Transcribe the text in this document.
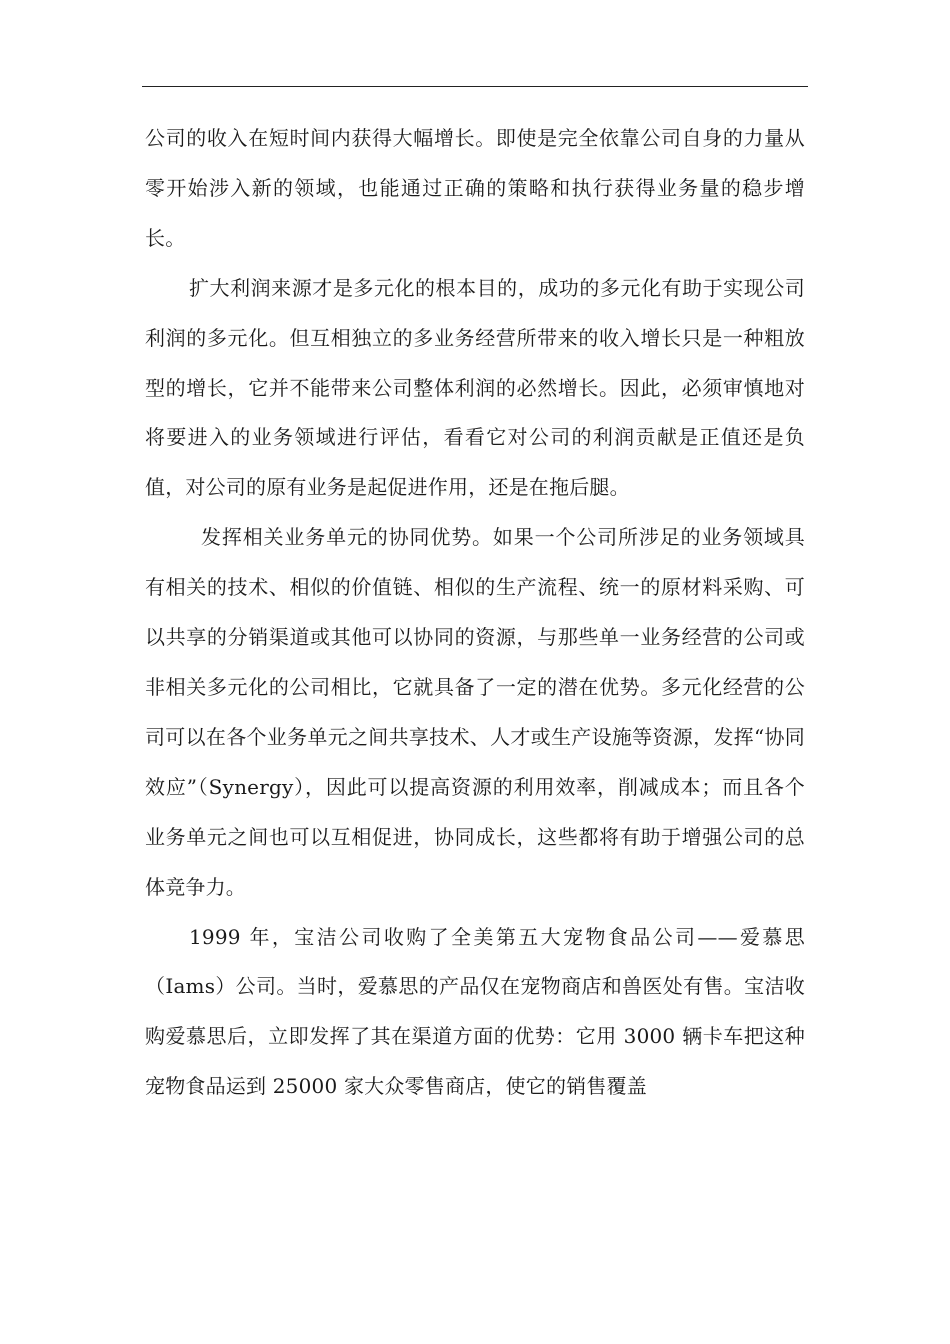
公司的收入在短时间内获得大幅增长。即使是完全依靠公司自身的力量从零开始涉入新的领域，也能通过正确的策略和执行获得业务量的稳步增长。

扩大利润来源才是多元化的根本目的，成功的多元化有助于实现公司利润的多元化。但互相独立的多业务经营所带来的收入增长只是一种粗放型的增长，它并不能带来公司整体利润的必然增长。因此，必须审慎地对将要进入的业务领域进行评估，看看它对公司的利润贡献是正值还是负值，对公司的原有业务是起促进作用，还是在拖后腿。

发挥相关业务单元的协同优势。如果一个公司所涉足的业务领域具有相关的技术、相似的价值链、相似的生产流程、统一的原材料采购、可以共享的分销渠道或其他可以协同的资源，与那些单一业务经营的公司或非相关多元化的公司相比，它就具备了一定的潜在优势。多元化经营的公司可以在各个业务单元之间共享技术、人才或生产设施等资源，发挥“协同效应”（Synergy），因此可以提高资源的利用效率，削减成本；而且各个业务单元之间也可以互相促进，协同成长，这些都将有助于增强公司的总体竞争力。

1999 年，宝洁公司收购了全美第五大宠物食品公司——爱慕思（Iams）公司。当时，爱慕思的产品仅在宠物商店和兽医处有售。宝洁收购爱慕思后，立即发挥了其在渠道方面的优势：它用 3000 辆卡车把这种宠物食品运到 25000 家大众零售商店，使它的销售覆盖
